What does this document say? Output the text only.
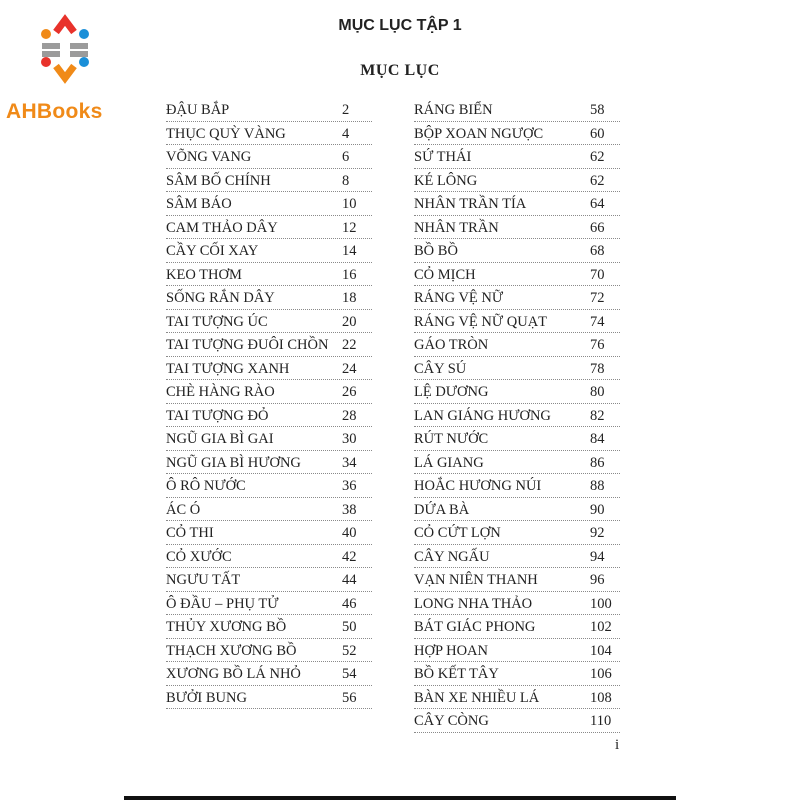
AHBooks
MỤC LỤC TẬP 1
MỤC LỤC
ĐẬU BẮP	2
THỤC QUỲ VÀNG	4
VÕNG VANG	6
SÂM BỐ CHÍNH	8
SÂM BÁO	10
CAM THẢO DÂY	12
CẦY CỐI XAY	14
KEO THƠM	16
SỐNG RẮN DÂY	18
TAI TƯỢNG ÚC	20
TAI TƯỢNG ĐUÔI CHỒN 22
TAI TƯỢNG XANH	24
CHÈ HÀNG RÀO	26
TAI TƯỢNG ĐỎ	28
NGŨ GIA BÌ GAI	30
NGŨ GIA BÌ HƯƠNG	34
Ô RÔ NƯỚC	36
ÁC Ó	38
CỎ THI	40
CỎ XƯỚC	42
NGƯU TẤT	44
Ô ĐẦU – PHỤ TỬ	46
THỦY XƯƠNG BỒ	50
THẠCH XƯƠNG BỒ	52
XƯƠNG BỒ LÁ NHỎ	54
BƯỞI BUNG	56
RÁNG BIỂN	58
BỘP XOAN NGƯỢC	60
SỨ THÁI	62
KÉ LÔNG	62
NHÂN TRẦN TÍA	64
NHÂN TRẦN	66
BỒ BỒ	68
CỎ MỊCH	70
RÁNG VỆ NỮ	72
RÁNG VỆ NỮ QUẠT	74
GÁO TRÒN	76
CÂY SÚ	78
LỆ DƯƠNG	80
LAN GIÁNG HƯƠNG	82
RÚT NƯỚC	84
LÁ GIANG	86
HOẮC HƯƠNG NÚI	88
DỨA BÀ	90
CỎ CỨT LỢN	92
CÂY NGẤU	94
VẠN NIÊN THANH	96
LONG NHA THẢO	100
BÁT GIÁC PHONG	102
HỢP HOAN	104
BỒ KẾT TÂY	106
BÀN XE NHIỀU LÁ	108
CÂY CÒNG	110
i
